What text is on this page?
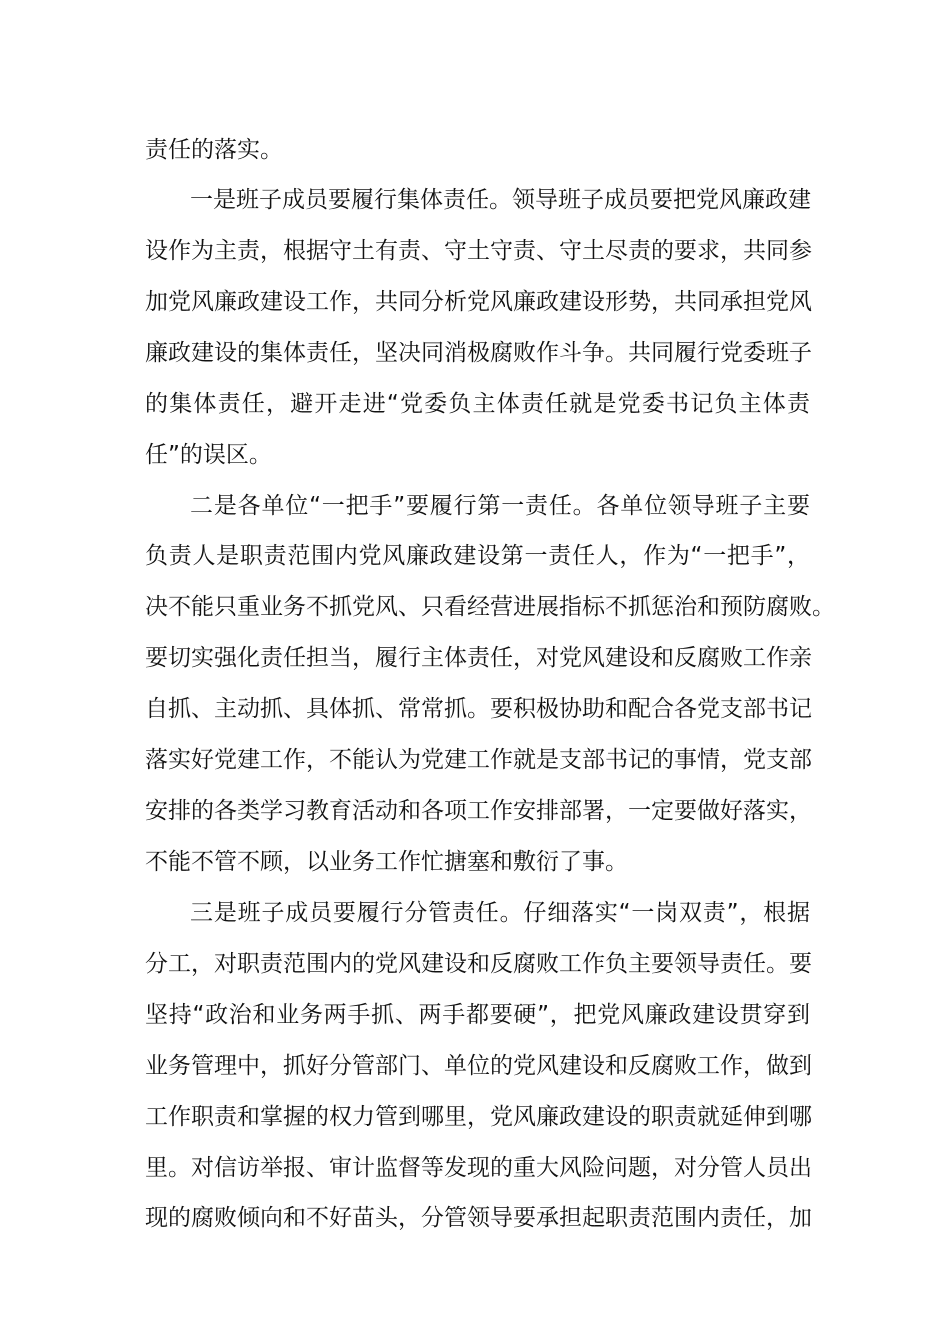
责任的落实。
一是班子成员要履行集体责任。领导班子成员要把党风廉政建
设作为主责，根据守土有责、守土守责、守土尽责的要求，共同参
加党风廉政建设工作，共同分析党风廉政建设形势，共同承担党风
廉政建设的集体责任，坚决同消极腐败作斗争。共同履行党委班子
的集体责任，避开走进“党委负主体责任就是党委书记负主体责
任”的误区。
二是各单位“一把手”要履行第一责任。各单位领导班子主要
负责人是职责范围内党风廉政建设第一责任人，作为“一把手”，
决不能只重业务不抓党风、只看经营进展指标不抓惩治和预防腐败。
要切实强化责任担当，履行主体责任，对党风建设和反腐败工作亲
自抓、主动抓、具体抓、常常抓。要积极协助和配合各党支部书记
落实好党建工作，不能认为党建工作就是支部书记的事情，党支部
安排的各类学习教育活动和各项工作安排部署，一定要做好落实，
不能不管不顾，以业务工作忙搪塞和敷衍了事。
三是班子成员要履行分管责任。仔细落实“一岗双责”，根据
分工，对职责范围内的党风建设和反腐败工作负主要领导责任。要
坚持“政治和业务两手抓、两手都要硬”，把党风廉政建设贯穿到
业务管理中，抓好分管部门、单位的党风建设和反腐败工作，做到
工作职责和掌握的权力管到哪里，党风廉政建设的职责就延伸到哪
里。对信访举报、审计监督等发现的重大风险问题，对分管人员出
现的腐败倾向和不好苗头，分管领导要承担起职责范围内责任，加
